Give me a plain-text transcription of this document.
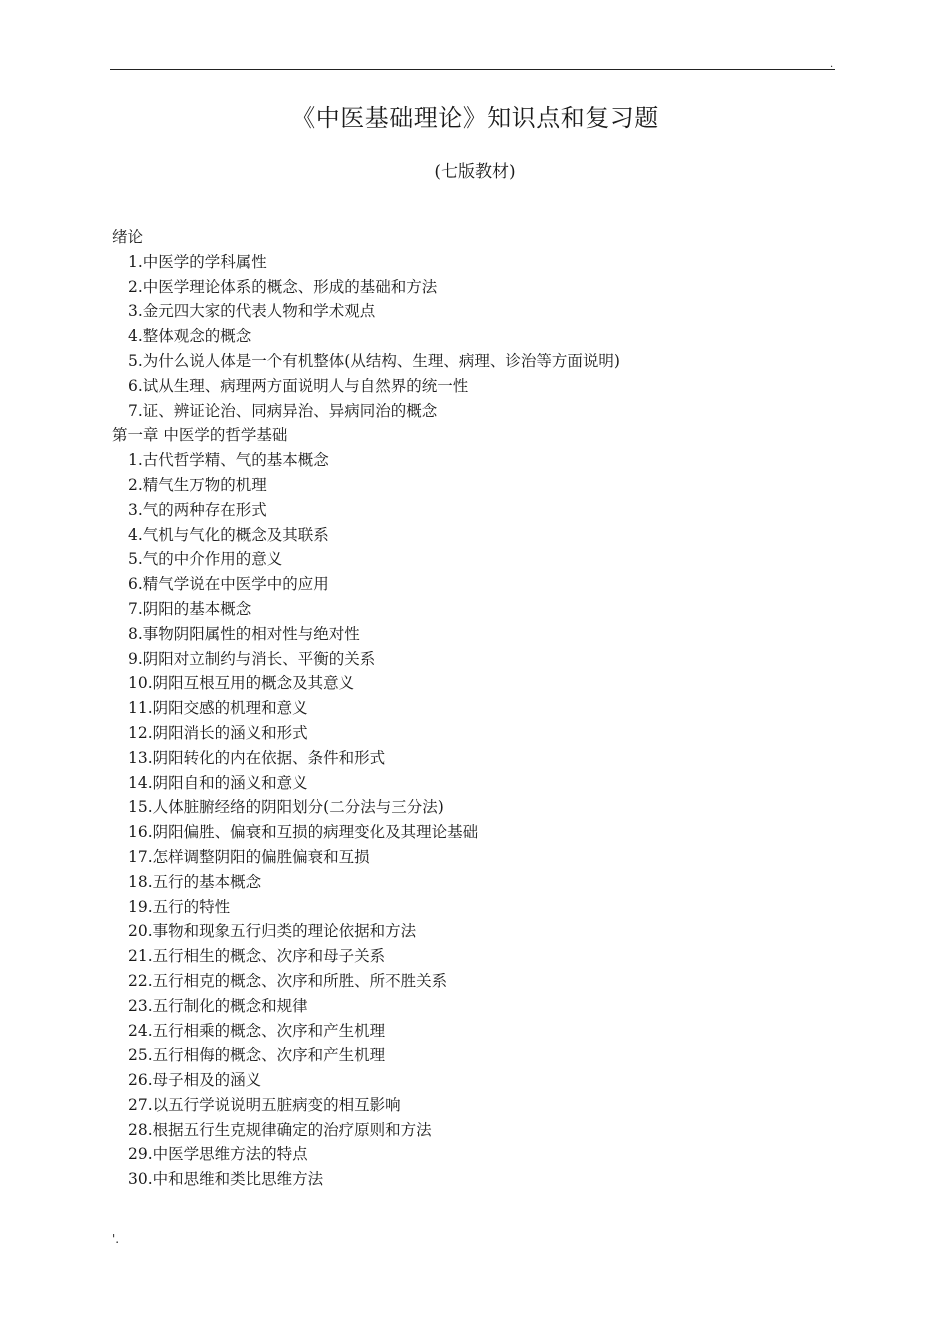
.
《中医基础理论》知识点和复习题
(七版教材)
绪论
1.中医学的学科属性
2.中医学理论体系的概念、形成的基础和方法
3.金元四大家的代表人物和学术观点
4.整体观念的概念
5.为什么说人体是一个有机整体(从结构、生理、病理、诊治等方面说明)
6.试从生理、病理两方面说明人与自然界的统一性
7.证、辨证论治、同病异治、异病同治的概念
第一章 中医学的哲学基础
1.古代哲学精、气的基本概念
2.精气生万物的机理
3.气的两种存在形式
4.气机与气化的概念及其联系
5.气的中介作用的意义
6.精气学说在中医学中的应用
7.阴阳的基本概念
8.事物阴阳属性的相对性与绝对性
9.阴阳对立制约与消长、平衡的关系
10.阴阳互根互用的概念及其意义
11.阴阳交感的机理和意义
12.阴阳消长的涵义和形式
13.阴阳转化的内在依据、条件和形式
14.阴阳自和的涵义和意义
15.人体脏腑经络的阴阳划分(二分法与三分法)
16.阴阳偏胜、偏衰和互损的病理变化及其理论基础
17.怎样调整阴阳的偏胜偏衰和互损
18.五行的基本概念
19.五行的特性
20.事物和现象五行归类的理论依据和方法
21.五行相生的概念、次序和母子关系
22.五行相克的概念、次序和所胜、所不胜关系
23.五行制化的概念和规律
24.五行相乘的概念、次序和产生机理
25.五行相侮的概念、次序和产生机理
26.母子相及的涵义
27.以五行学说说明五脏病变的相互影响
28.根据五行生克规律确定的治疗原则和方法
29.中医学思维方法的特点
30.中和思维和类比思维方法
'.
